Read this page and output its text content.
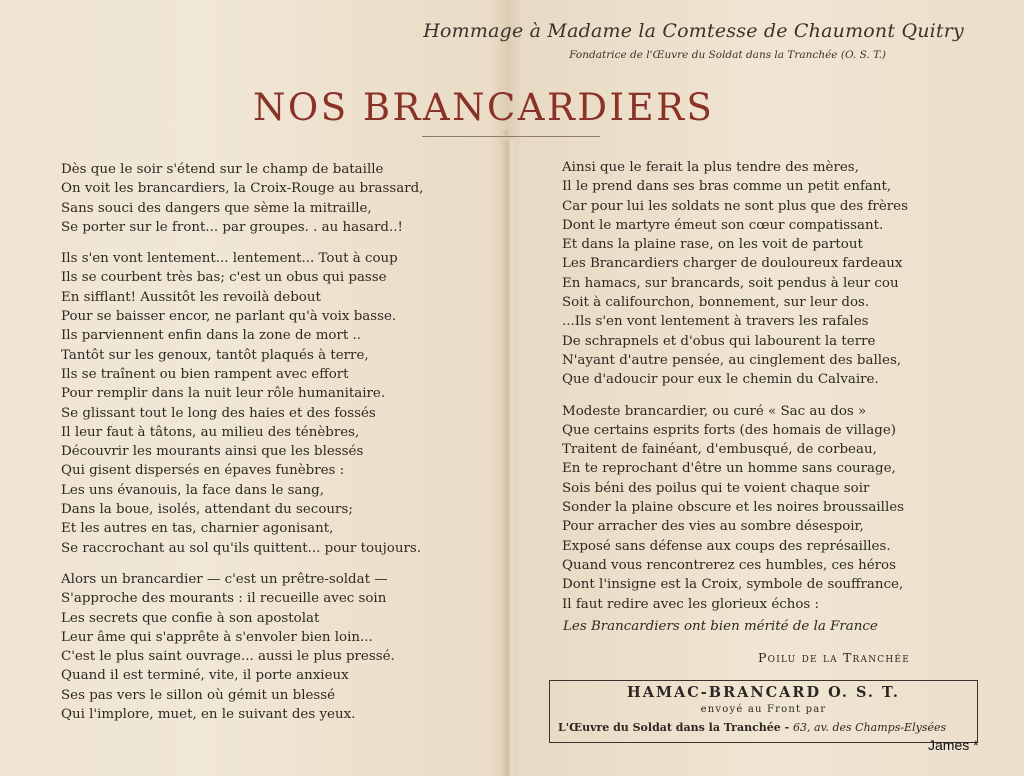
Hommage à Madame la Comtesse de Chaumont Quitry
Fondatrice de l'Œuvre du Soldat dans la Tranchée (O. S. T.)
NOS BRANCARDIERS
⁘
Dès que le soir s'étend sur le champ de bataille
On voit les brancardiers, la Croix-Rouge au brassard,
Sans souci des dangers que sème la mitraille,
Se porter sur le front... par groupes. . au hasard..!
Ils s'en vont lentement... lentement... Tout à coup
Ils se courbent très bas; c'est un obus qui passe
En sifflant! Aussitôt les revoilà debout
Pour se baisser encor, ne parlant qu'à voix basse.
Ils parviennent enfin dans la zone de mort ..
Tantôt sur les genoux, tantôt plaqués à terre,
Ils se traînent ou bien rampent avec effort
Pour remplir dans la nuit leur rôle humanitaire.
Se glissant tout le long des haies et des fossés
Il leur faut à tâtons, au milieu des ténèbres,
Découvrir les mourants ainsi que les blessés
Qui gisent dispersés en épaves funèbres :
Les uns évanouis, la face dans le sang,
Dans la boue, isolés, attendant du secours;
Et les autres en tas, charnier agonisant,
Se raccrochant au sol qu'ils quittent... pour toujours.
Alors un brancardier — c'est un prêtre-soldat —
S'approche des mourants : il recueille avec soin
Les secrets que confie à son apostolat
Leur âme qui s'apprête à s'envoler bien loin...
C'est le plus saint ouvrage... aussi le plus pressé.
Quand il est terminé, vite, il porte anxieux
Ses pas vers le sillon où gémit un blessé
Qui l'implore, muet, en le suivant des yeux.
Ainsi que le ferait la plus tendre des mères,
Il le prend dans ses bras comme un petit enfant,
Car pour lui les soldats ne sont plus que des frères
Dont le martyre émeut son cœur compatissant.
Et dans la plaine rase, on les voit de partout
Les Brancardiers charger de douloureux fardeaux
En hamacs, sur brancards, soit pendus à leur cou
Soit à califourchon, bonnement, sur leur dos.
...Ils s'en vont lentement à travers les rafales
De schrapnels et d'obus qui labourent la terre
N'ayant d'autre pensée, au cinglement des balles,
Que d'adoucir pour eux le chemin du Calvaire.
Modeste brancardier, ou curé « Sac au dos »
Que certains esprits forts (des homais de village)
Traitent de fainéant, d'embusqué, de corbeau,
En te reprochant d'être un homme sans courage,
Sois béni des poilus qui te voient chaque soir
Sonder la plaine obscure et les noires broussailles
Pour arracher des vies au sombre désespoir,
Exposé sans défense aux coups des représailles.
Quand vous rencontrerez ces humbles, ces héros
Dont l'insigne est la Croix, symbole de souffrance,
Il faut redire avec les glorieux échos :
Les Brancardiers ont bien mérité de la France
Poilu de la Tranchée
HAMAC-BRANCARD O. S. T.
envoyé au Front par
L'Œuvre du Soldat dans la Tranchée - 63, av. des Champs-Elysées
James *
